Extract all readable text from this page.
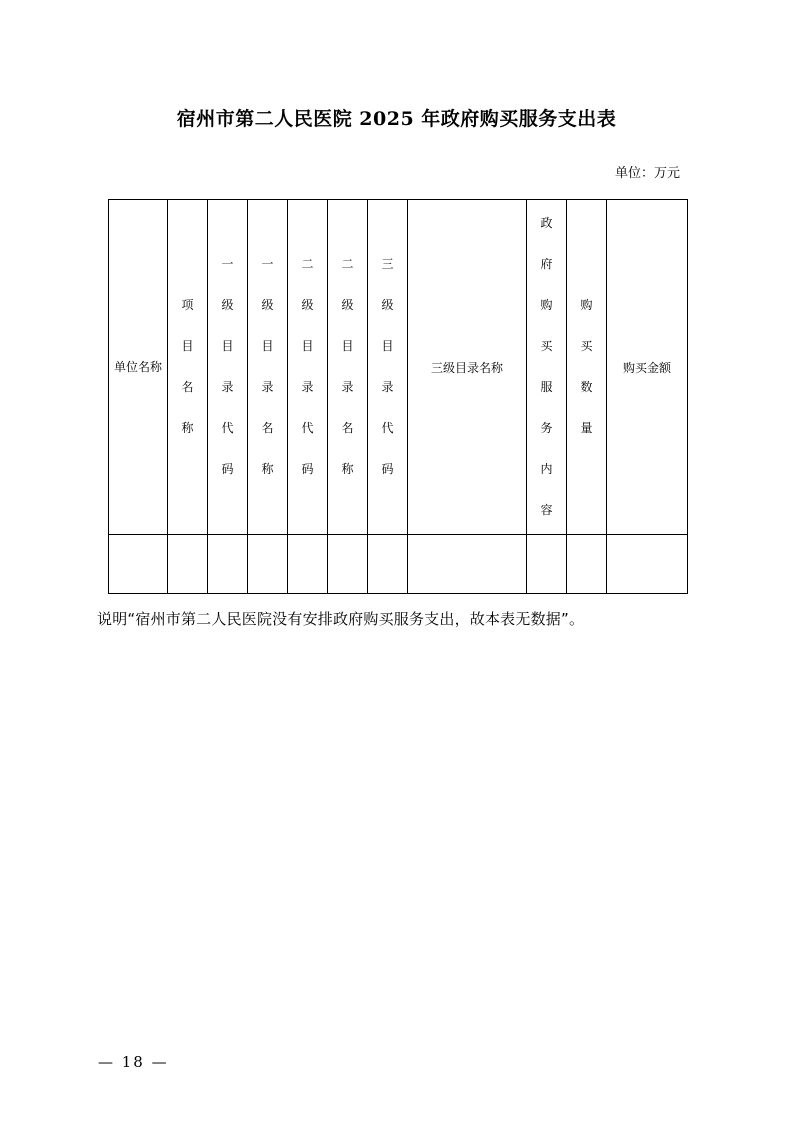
宿州市第二人民医院 2025 年政府购买服务支出表
单位：万元
单位名称	项目名称	一级目录代码	一级目录名称	二级目录代码	二级目录名称	三级目录代码	三级目录名称	政府购买服务内容	购买数量	购买金额

说明“宿州市第二人民医院没有安排政府购买服务支出，故本表无数据”。
— 18 —
